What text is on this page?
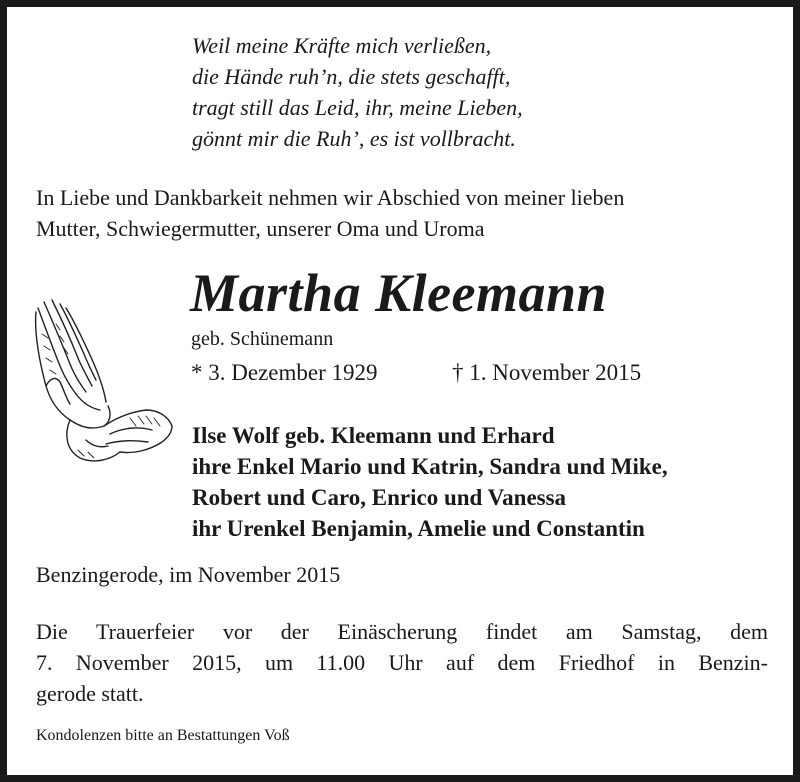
Weil meine Kräfte mich verließen,
die Hände ruh’n, die stets geschafft,
tragt still das Leid, ihr, meine Lieben,
gönnt mir die Ruh’, es ist vollbracht.
In Liebe und Dankbarkeit nehmen wir Abschied von meiner lieben
Mutter, Schwiegermutter, unserer Oma und Uroma
Martha Kleemann
geb. Schünemann
* 3. Dezember 1929	† 1. November 2015
Ilse Wolf geb. Kleemann und Erhard
ihre Enkel Mario und Katrin, Sandra und Mike,
Robert und Caro, Enrico und Vanessa
ihr Urenkel Benjamin, Amelie und Constantin
Benzingerode, im November 2015
Die Trauerfeier vor der Einäscherung findet am Samstag, dem
7. November 2015, um 11.00 Uhr auf dem Friedhof in Benzin-
gerode statt.
Kondolenzen bitte an Bestattungen Voß
